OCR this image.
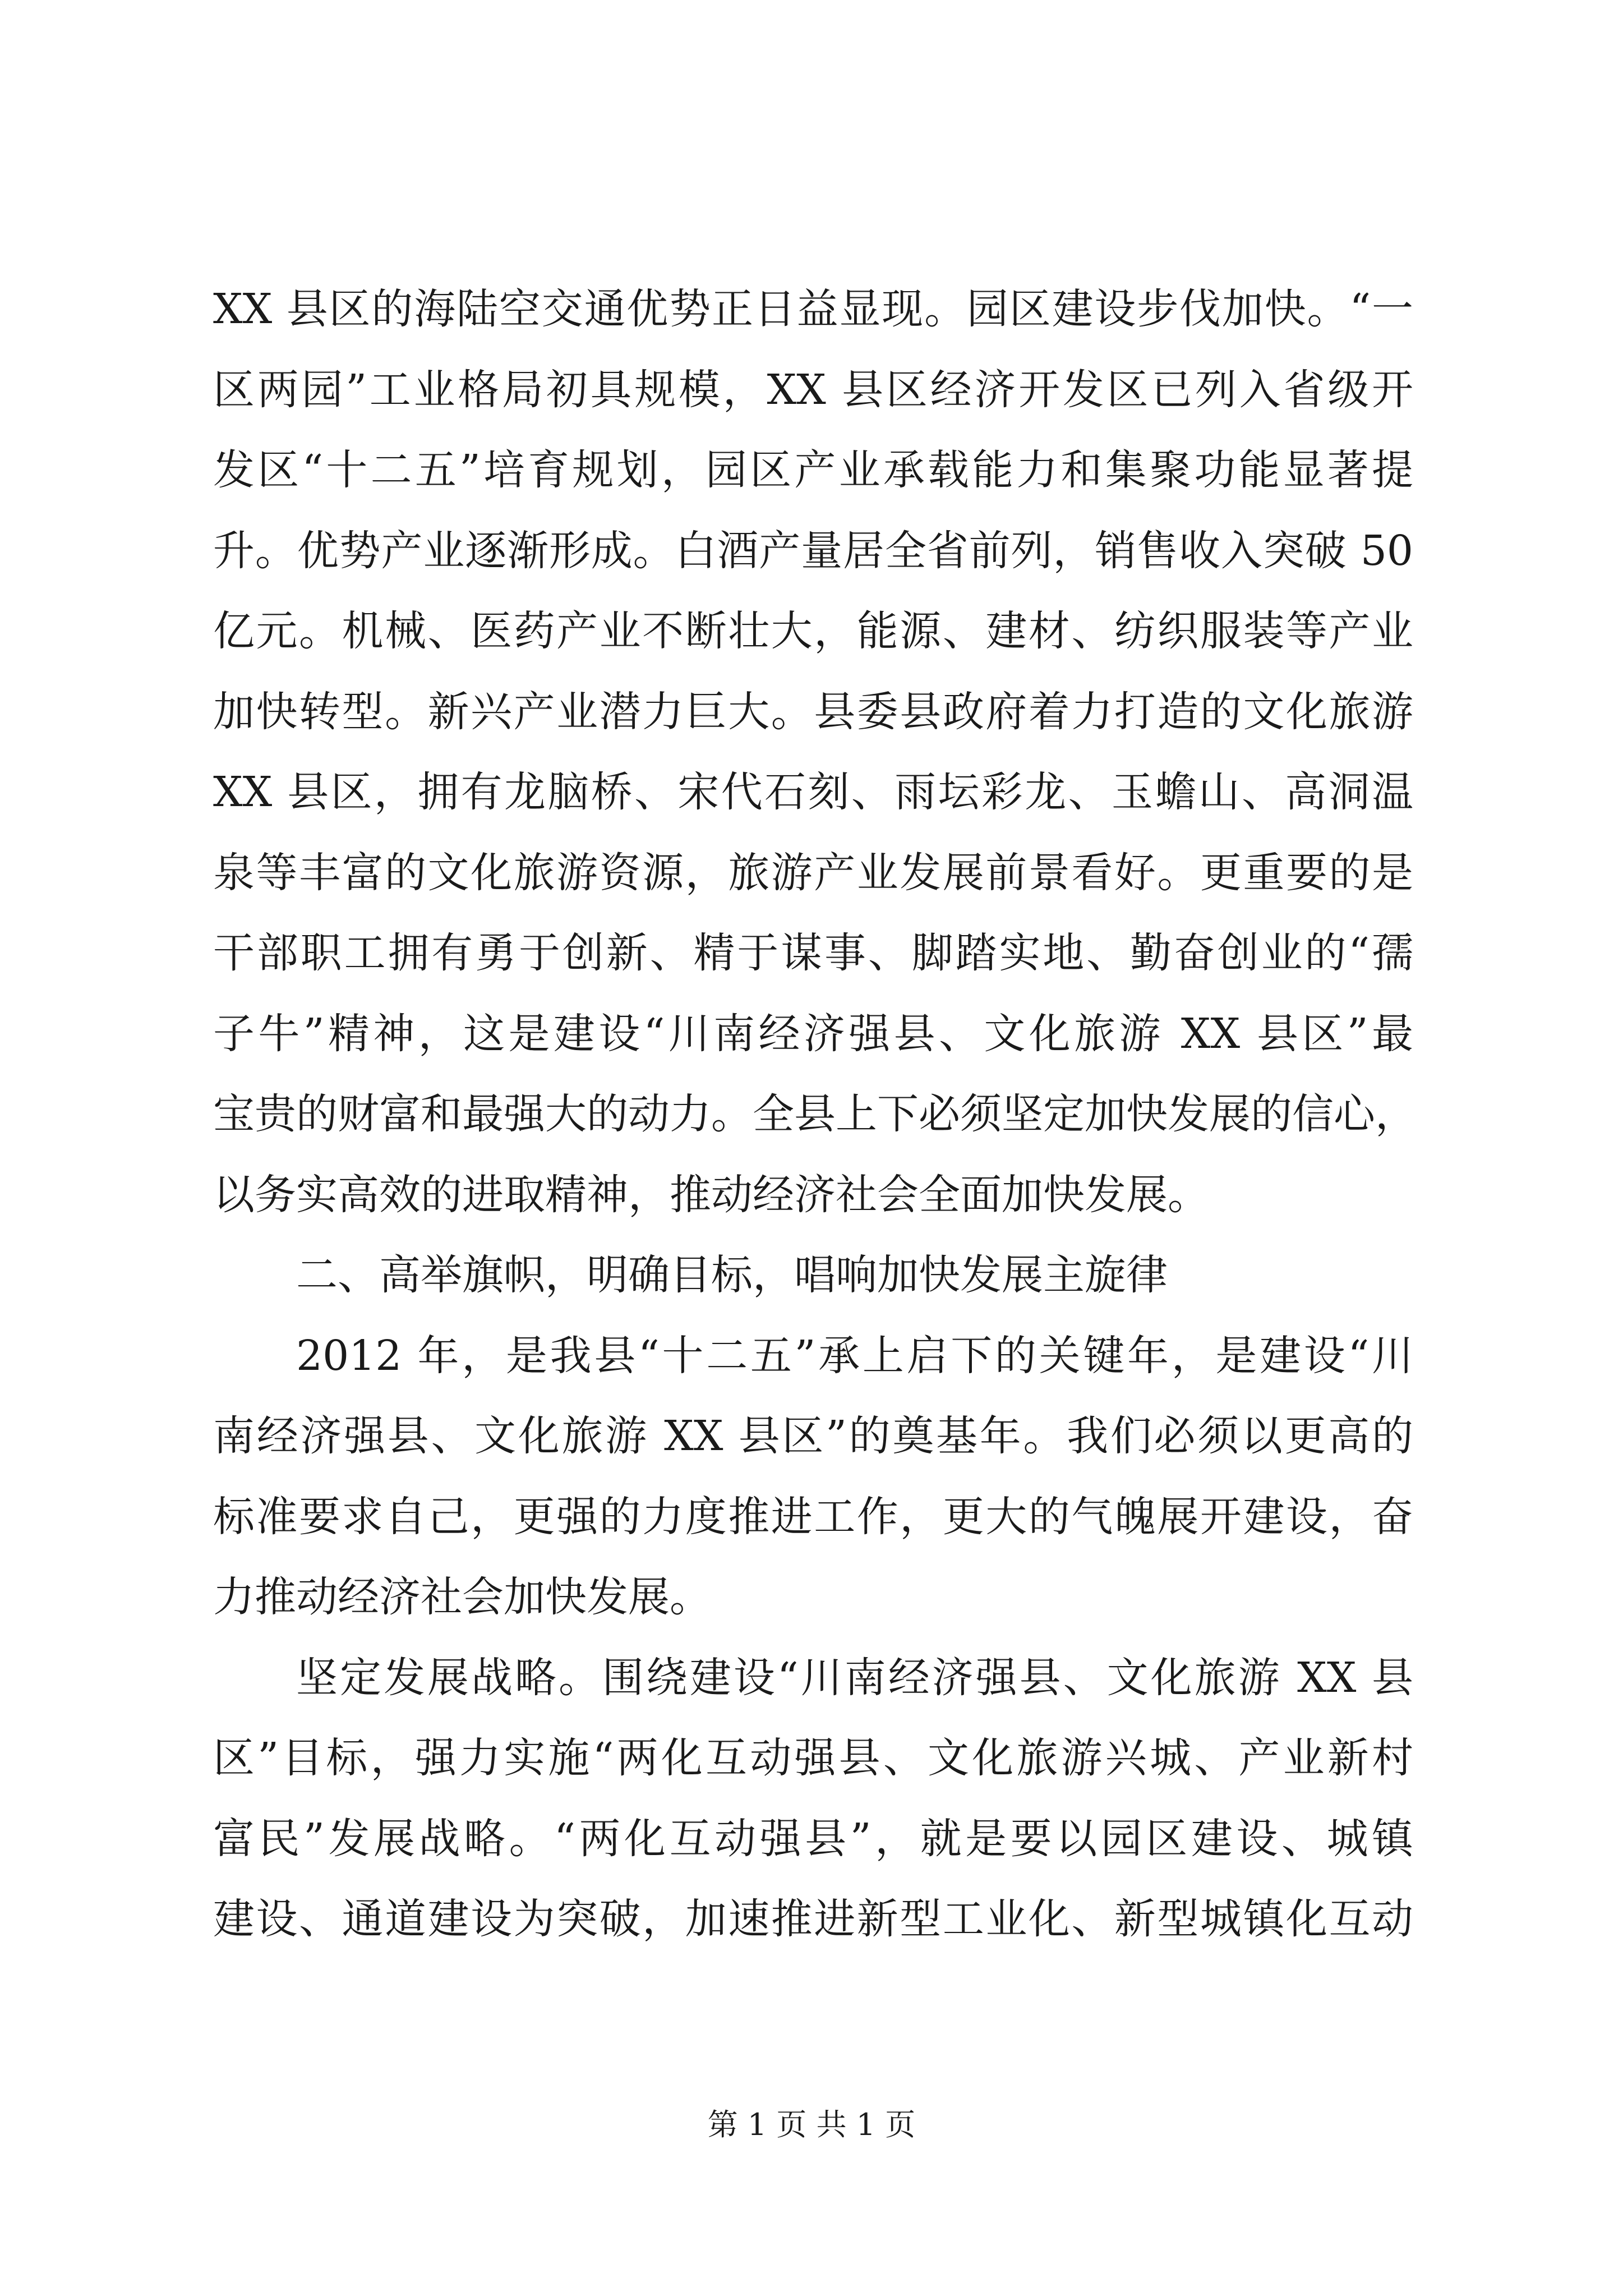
XX 县区的海陆空交通优势正日益显现。园区建设步伐加快。“一
区两园”工业格局初具规模，XX 县区经济开发区已列入省级开
发区“十二五”培育规划，园区产业承载能力和集聚功能显著提
升。优势产业逐渐形成。白酒产量居全省前列，销售收入突破 50
亿元。机械、医药产业不断壮大，能源、建材、纺织服装等产业
加快转型。新兴产业潜力巨大。县委县政府着力打造的文化旅游
XX 县区，拥有龙脑桥、宋代石刻、雨坛彩龙、玉蟾山、高洞温
泉等丰富的文化旅游资源，旅游产业发展前景看好。更重要的是
干部职工拥有勇于创新、精于谋事、脚踏实地、勤奋创业的“孺
子牛”精神，这是建设“川南经济强县、文化旅游 XX 县区”最
宝贵的财富和最强大的动力。全县上下必须坚定加快发展的信心，
以务实高效的进取精神，推动经济社会全面加快发展。
二、高举旗帜，明确目标，唱响加快发展主旋律
2012 年，是我县“十二五”承上启下的关键年，是建设“川
南经济强县、文化旅游 XX 县区”的奠基年。我们必须以更高的
标准要求自己，更强的力度推进工作，更大的气魄展开建设，奋
力推动经济社会加快发展。
坚定发展战略。围绕建设“川南经济强县、文化旅游 XX 县
区”目标，强力实施“两化互动强县、文化旅游兴城、产业新村
富民”发展战略。“两化互动强县”，就是要以园区建设、城镇
建设、通道建设为突破，加速推进新型工业化、新型城镇化互动
第 1 页 共 1 页
